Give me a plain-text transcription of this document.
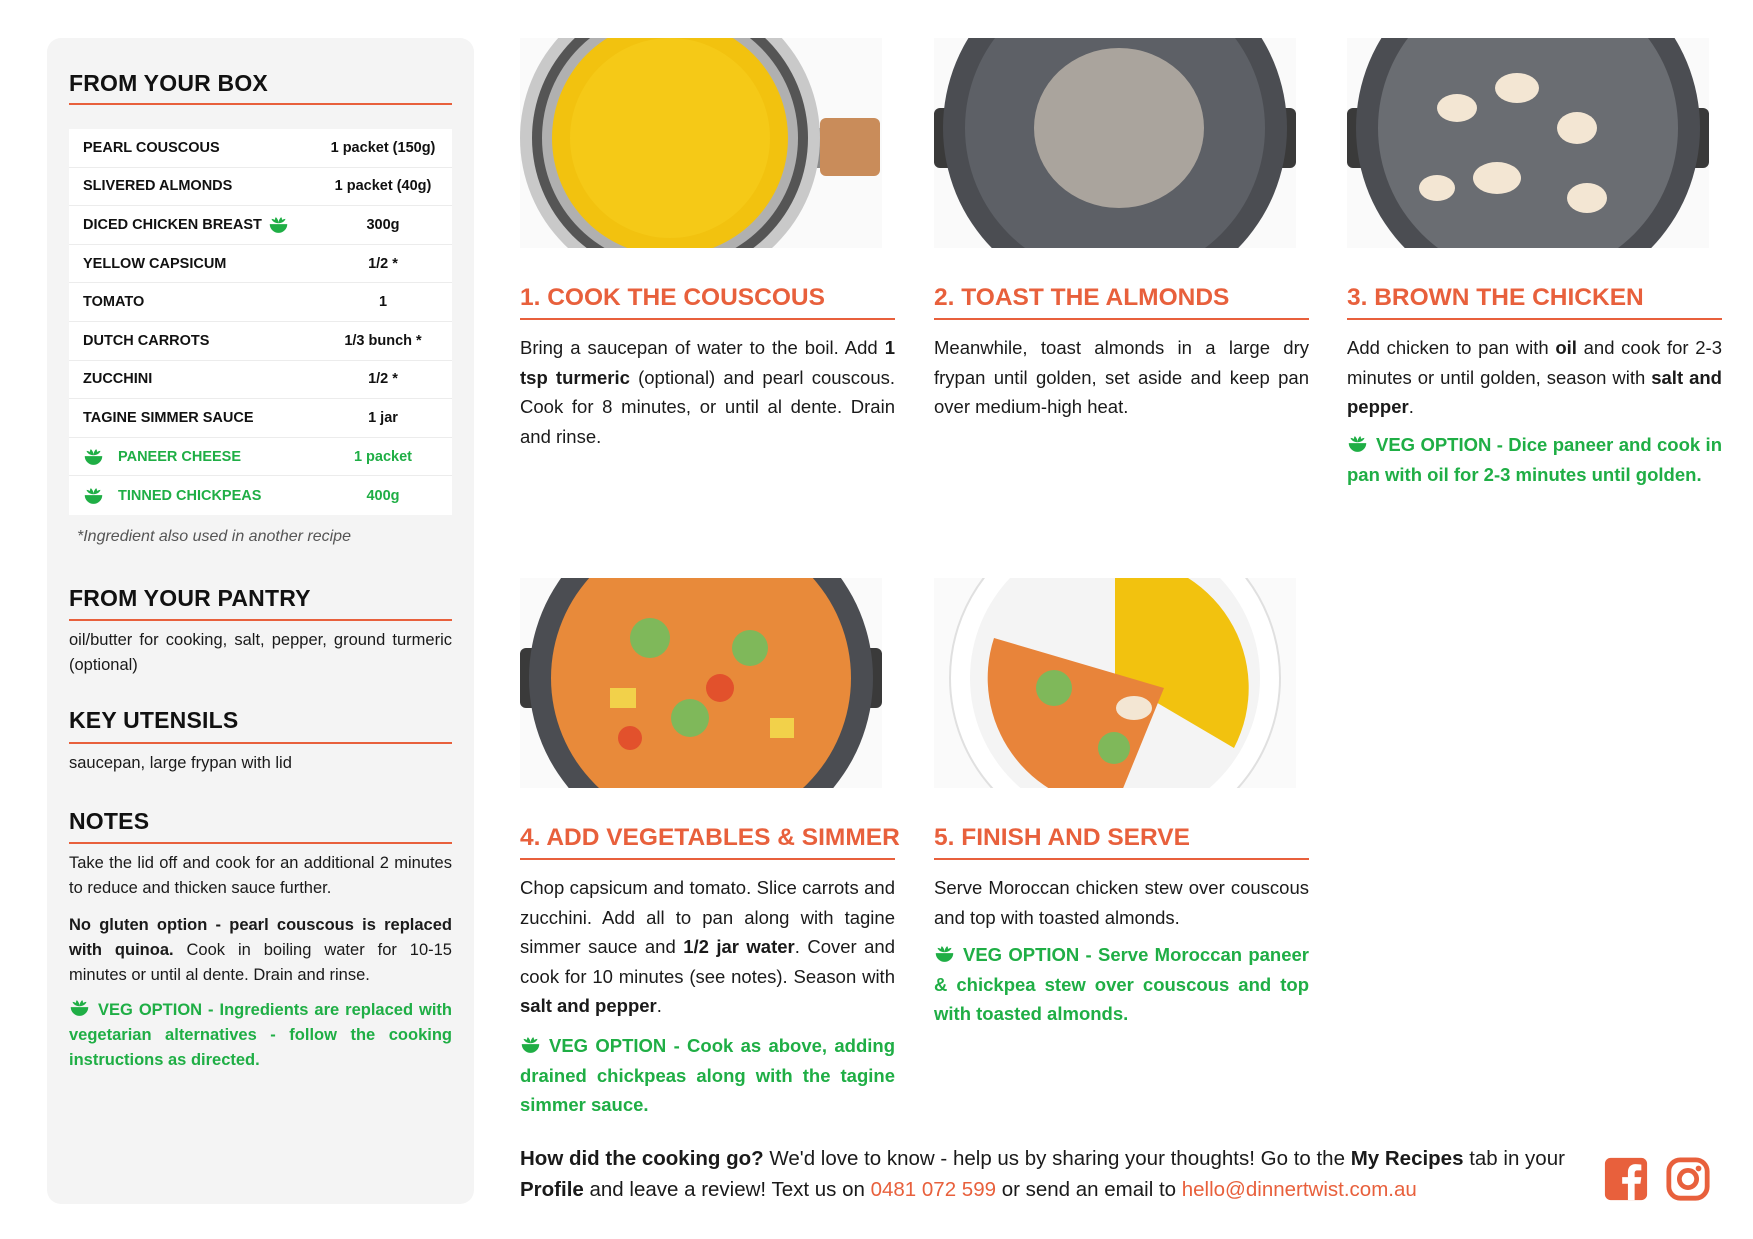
FROM YOUR BOX
PEARL COUSCOUS	1 packet (150g)
SLIVERED ALMONDS	1 packet (40g)
DICED CHICKEN BREAST	300g
YELLOW CAPSICUM	1/2 *
TOMATO	1
DUTCH CARROTS	1/3 bunch *
ZUCCHINI	1/2 *
TAGINE SIMMER SAUCE	1 jar
PANEER CHEESE	1 packet
TINNED CHICKPEAS	400g
*Ingredient also used in another recipe
FROM YOUR PANTRY
oil/butter for cooking, salt, pepper, ground turmeric (optional)
KEY UTENSILS
saucepan, large frypan with lid
NOTES
Take the lid off and cook for an additional 2 minutes to reduce and thicken sauce further.
No gluten option - pearl couscous is replaced with quinoa. Cook in boiling water for 10-15 minutes or until al dente. Drain and rinse.
VEG OPTION - Ingredients are replaced with vegetarian alternatives - follow the cooking instructions as directed.
1. COOK THE COUSCOUS
Bring a saucepan of water to the boil. Add 1 tsp turmeric (optional) and pearl couscous. Cook for 8 minutes, or until al dente. Drain and rinse.
2. TOAST THE ALMONDS
Meanwhile, toast almonds in a large dry frypan until golden, set aside and keep pan over medium-high heat.
3. BROWN THE CHICKEN
Add chicken to pan with oil and cook for 2-3 minutes or until golden, season with salt and pepper.
VEG OPTION - Dice paneer and cook in pan with oil for 2-3 minutes until golden.
4. ADD VEGETABLES & SIMMER
Chop capsicum and tomato. Slice carrots and zucchini. Add all to pan along with tagine simmer sauce and 1/2 jar water. Cover and cook for 10 minutes (see notes). Season with salt and pepper.
VEG OPTION - Cook as above, adding drained chickpeas along with the tagine simmer sauce.
5. FINISH AND SERVE
Serve Moroccan chicken stew over couscous and top with toasted almonds.
VEG OPTION - Serve Moroccan paneer & chickpea stew over couscous and top with toasted almonds.
How did the cooking go? We'd love to know - help us by sharing your thoughts! Go to the My Recipes tab in your Profile and leave a review! Text us on 0481 072 599 or send an email to hello@dinnertwist.com.au
